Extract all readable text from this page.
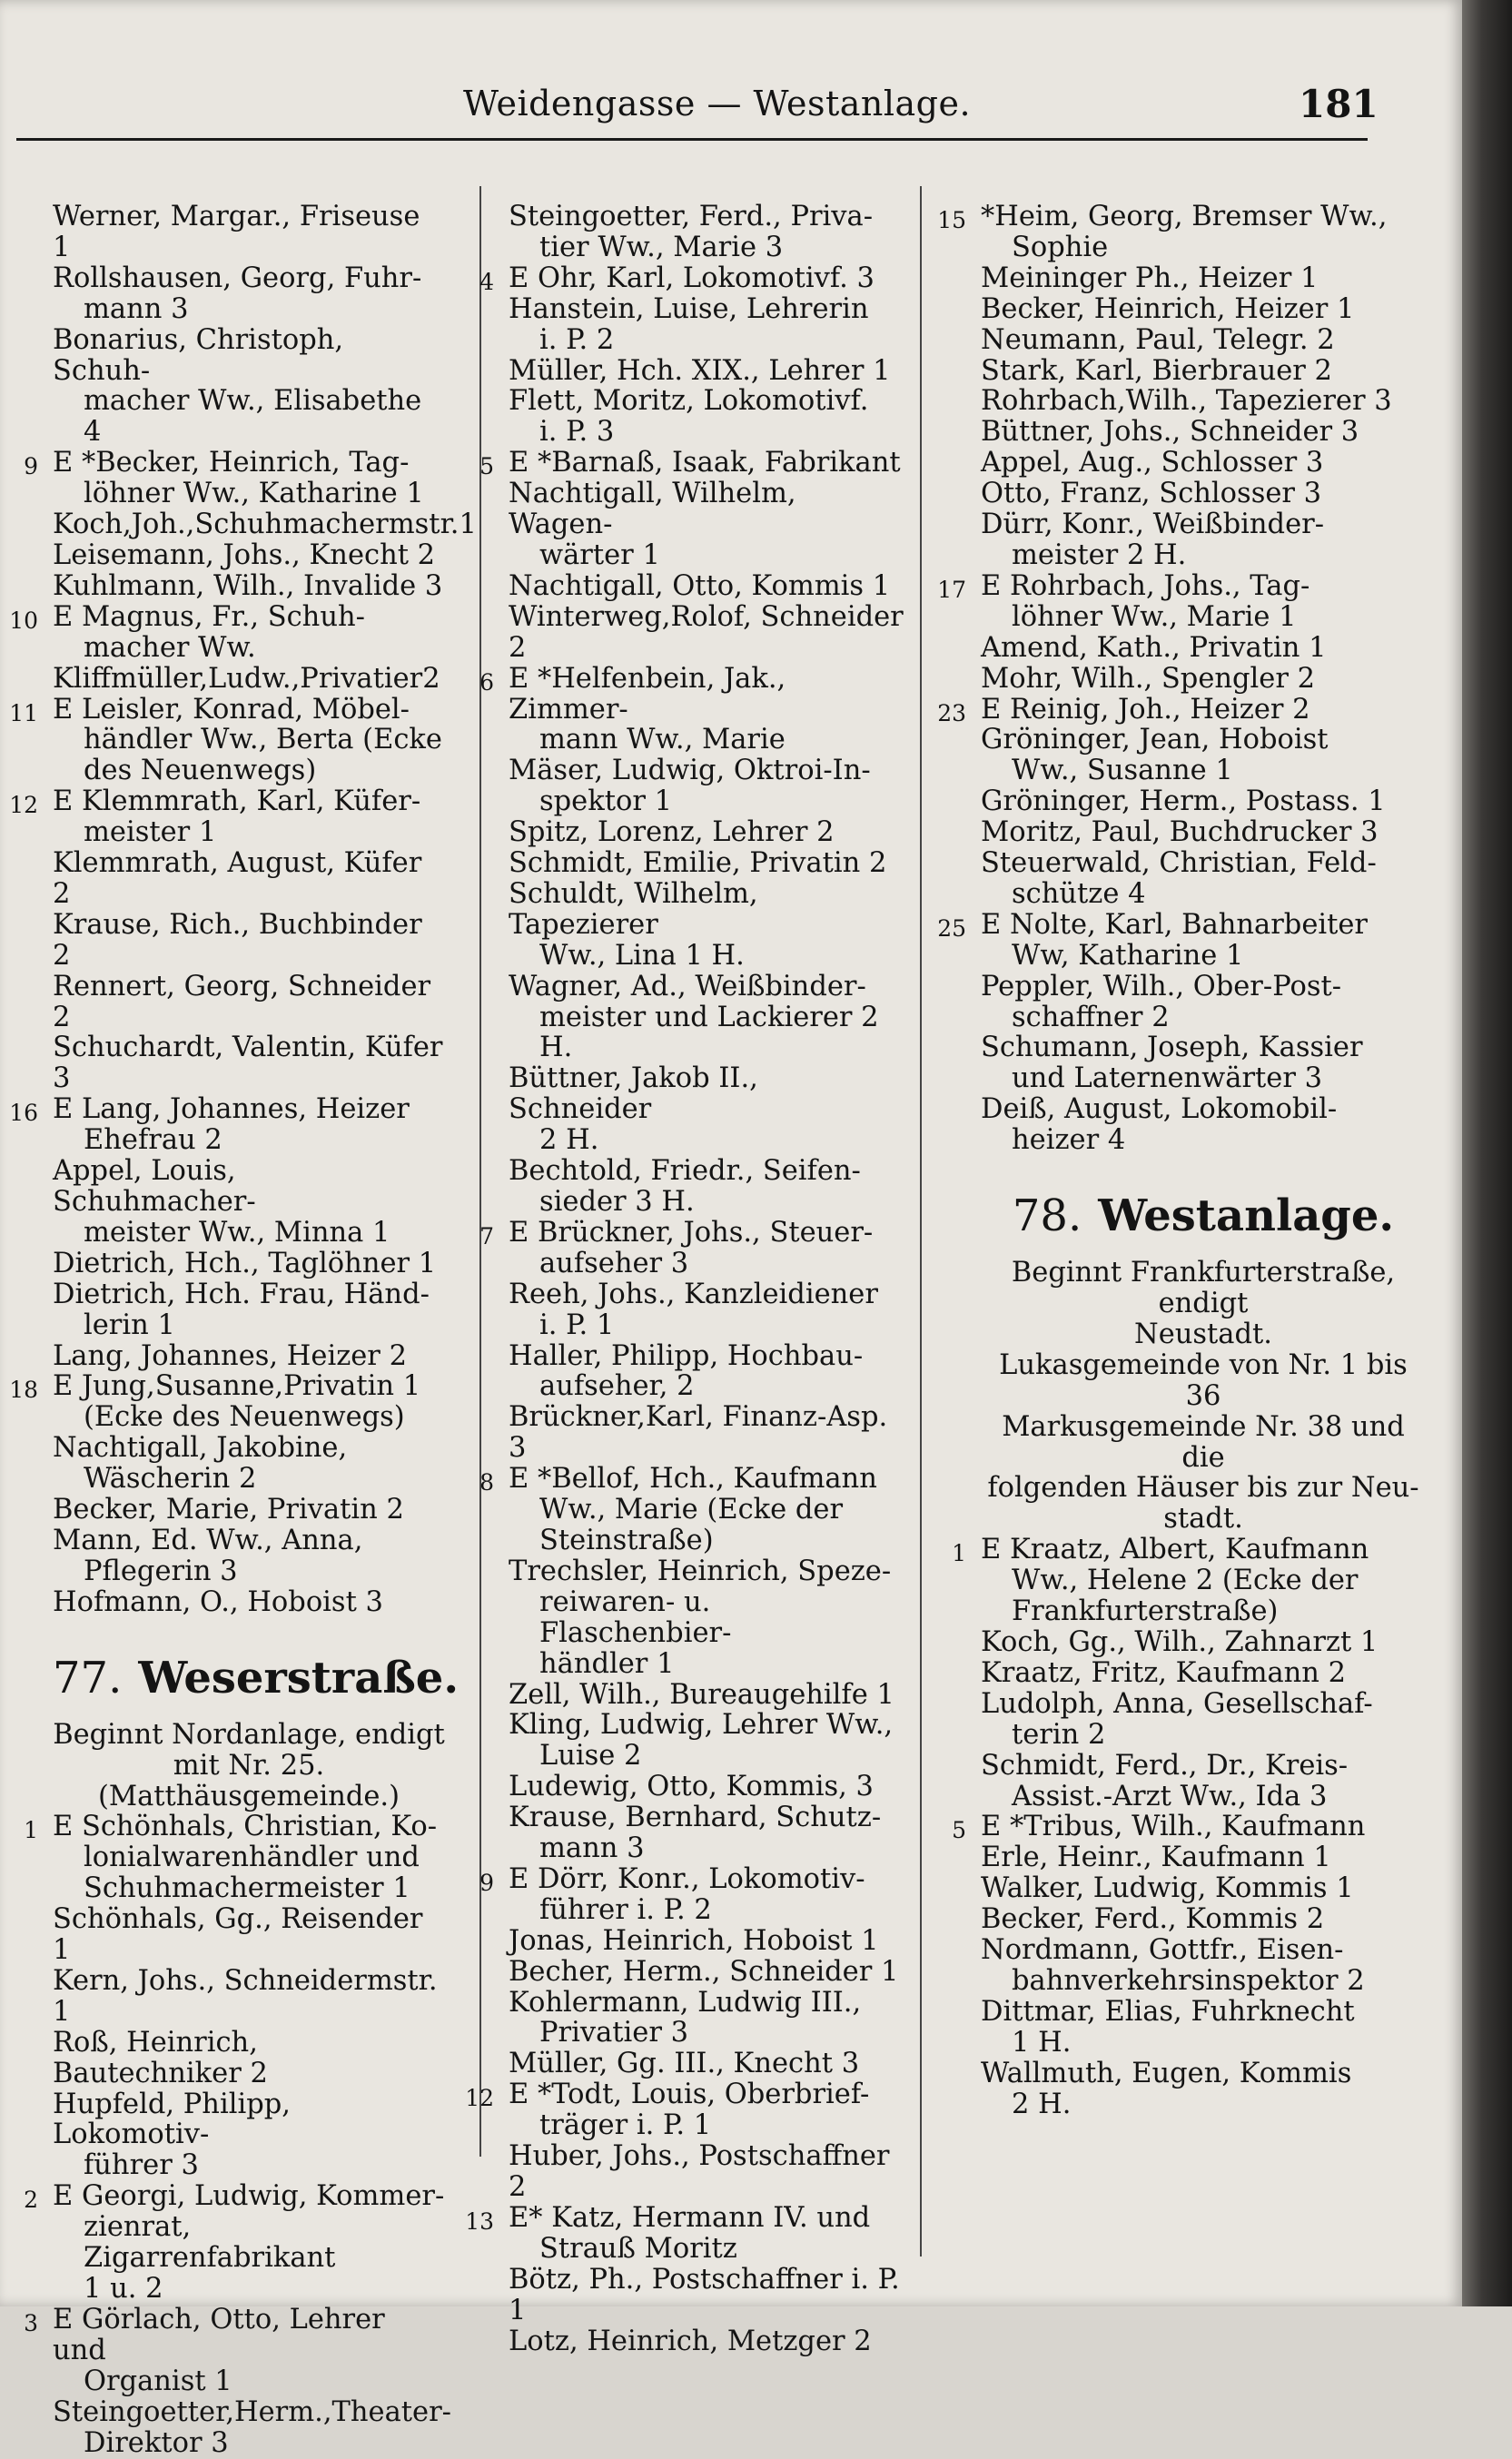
Weidengasse — Westanlage.	181
Werner, Margar., Friseuse 1
Rollshausen, Georg, Fuhr-
mann 3
Bonarius, Christoph, Schuh-
macher Ww., Elisabethe 4
9 E *Becker, Heinrich, Tag-
löhner Ww., Katharine 1
Koch,Joh.,Schuhmachermstr.1
Leisemann, Johs., Knecht 2
Kuhlmann, Wilh., Invalide 3
10 E Magnus, Fr., Schuh-
macher Ww.
Kliffmüller,Ludw.,Privatier2
11 E Leisler, Konrad, Möbel-
händler Ww., Berta (Ecke
des Neuenwegs)
12 E Klemmrath, Karl, Küfer-
meister 1
Klemmrath, August, Küfer 2
Krause, Rich., Buchbinder 2
Rennert, Georg, Schneider 2
Schuchardt, Valentin, Küfer 3
16 E Lang, Johannes, Heizer
Ehefrau 2
Appel, Louis, Schuhmacher-
meister Ww., Minna 1
Dietrich, Hch., Taglöhner 1
Dietrich, Hch. Frau, Händ-
lerin 1
Lang, Johannes, Heizer 2
18 E Jung,Susanne,Privatin 1
(Ecke des Neuenwegs)
Nachtigall, Jakobine,
Wäscherin 2
Becker, Marie, Privatin 2
Mann, Ed. Ww., Anna,
Pflegerin 3
Hofmann, O., Hoboist 3
77. Weserstraße.
Beginnt Nordanlage, endigt
mit Nr. 25.
(Matthäusgemeinde.)
1 E Schönhals, Christian, Ko-
lonialwarenhändler und
Schuhmachermeister 1
Schönhals, Gg., Reisender 1
Kern, Johs., Schneidermstr. 1
Roß, Heinrich, Bautechniker 2
Hupfeld, Philipp, Lokomotiv-
führer 3
2 E Georgi, Ludwig, Kommer-
zienrat, Zigarrenfabrikant
1 u. 2
3 E Görlach, Otto, Lehrer und
Organist 1
Steingoetter,Herm.,Theater-
Direktor 3
Steingoetter, Ferd., Priva-
tier Ww., Marie 3
4 E Ohr, Karl, Lokomotivf. 3
Hanstein, Luise, Lehrerin
i. P. 2
Müller, Hch. XIX., Lehrer 1
Flett, Moritz, Lokomotivf.
i. P. 3
5 E *Barnaß, Isaak, Fabrikant
Nachtigall, Wilhelm, Wagen-
wärter 1
Nachtigall, Otto, Kommis 1
Winterweg,Rolof, Schneider 2
6 E *Helfenbein, Jak., Zimmer-
mann Ww., Marie
Mäser, Ludwig, Oktroi-In-
spektor 1
Spitz, Lorenz, Lehrer 2
Schmidt, Emilie, Privatin 2
Schuldt, Wilhelm, Tapezierer
Ww., Lina 1 H.
Wagner, Ad., Weißbinder-
meister und Lackierer 2 H.
Büttner, Jakob II., Schneider
2 H.
Bechtold, Friedr., Seifen-
sieder 3 H.
7 E Brückner, Johs., Steuer-
aufseher 3
Reeh, Johs., Kanzleidiener
i. P. 1
Haller, Philipp, Hochbau-
aufseher, 2
Brückner,Karl, Finanz-Asp. 3
8 E *Bellof, Hch., Kaufmann
Ww., Marie (Ecke der
Steinstraße)
Trechsler, Heinrich, Speze-
reiwaren- u. Flaschenbier-
händler 1
Zell, Wilh., Bureaugehilfe 1
Kling, Ludwig, Lehrer Ww.,
Luise 2
Ludewig, Otto, Kommis, 3
Krause, Bernhard, Schutz-
mann 3
9 E Dörr, Konr., Lokomotiv-
führer i. P. 2
Jonas, Heinrich, Hoboist 1
Becher, Herm., Schneider 1
Kohlermann, Ludwig III.,
Privatier 3
Müller, Gg. III., Knecht 3
12 E *Todt, Louis, Oberbrief-
träger i. P. 1
Huber, Johs., Postschaffner 2
13 E* Katz, Hermann IV. und
Strauß Moritz
Bötz, Ph., Postschaffner i. P. 1
Lotz, Heinrich, Metzger 2
15 *Heim, Georg, Bremser Ww.,
Sophie
Meininger Ph., Heizer 1
Becker, Heinrich, Heizer 1
Neumann, Paul, Telegr. 2
Stark, Karl, Bierbrauer 2
Rohrbach,Wilh., Tapezierer 3
Büttner, Johs., Schneider 3
Appel, Aug., Schlosser 3
Otto, Franz, Schlosser 3
Dürr, Konr., Weißbinder-
meister 2 H.
17 E Rohrbach, Johs., Tag-
löhner Ww., Marie 1
Amend, Kath., Privatin 1
Mohr, Wilh., Spengler 2
23 E Reinig, Joh., Heizer 2
Gröninger, Jean, Hoboist
Ww., Susanne 1
Gröninger, Herm., Postass. 1
Moritz, Paul, Buchdrucker 3
Steuerwald, Christian, Feld-
schütze 4
25 E Nolte, Karl, Bahnarbeiter
Ww, Katharine 1
Peppler, Wilh., Ober-Post-
schaffner 2
Schumann, Joseph, Kassier
und Laternenwärter 3
Deiß, August, Lokomobil-
heizer 4
78. Westanlage.
Beginnt Frankfurterstraße, endigt
Neustadt.
Lukasgemeinde von Nr. 1 bis 36
Markusgemeinde Nr. 38 und die
folgenden Häuser bis zur Neu-
stadt.
1 E Kraatz, Albert, Kaufmann
Ww., Helene 2 (Ecke der
Frankfurterstraße)
Koch, Gg., Wilh., Zahnarzt 1
Kraatz, Fritz, Kaufmann 2
Ludolph, Anna, Gesellschaf-
terin 2
Schmidt, Ferd., Dr., Kreis-
Assist.-Arzt Ww., Ida 3
5 E *Tribus, Wilh., Kaufmann
Erle, Heinr., Kaufmann 1
Walker, Ludwig, Kommis 1
Becker, Ferd., Kommis 2
Nordmann, Gottfr., Eisen-
bahnverkehrsinspektor 2
Dittmar, Elias, Fuhrknecht
1 H.
Wallmuth, Eugen, Kommis
2 H.
